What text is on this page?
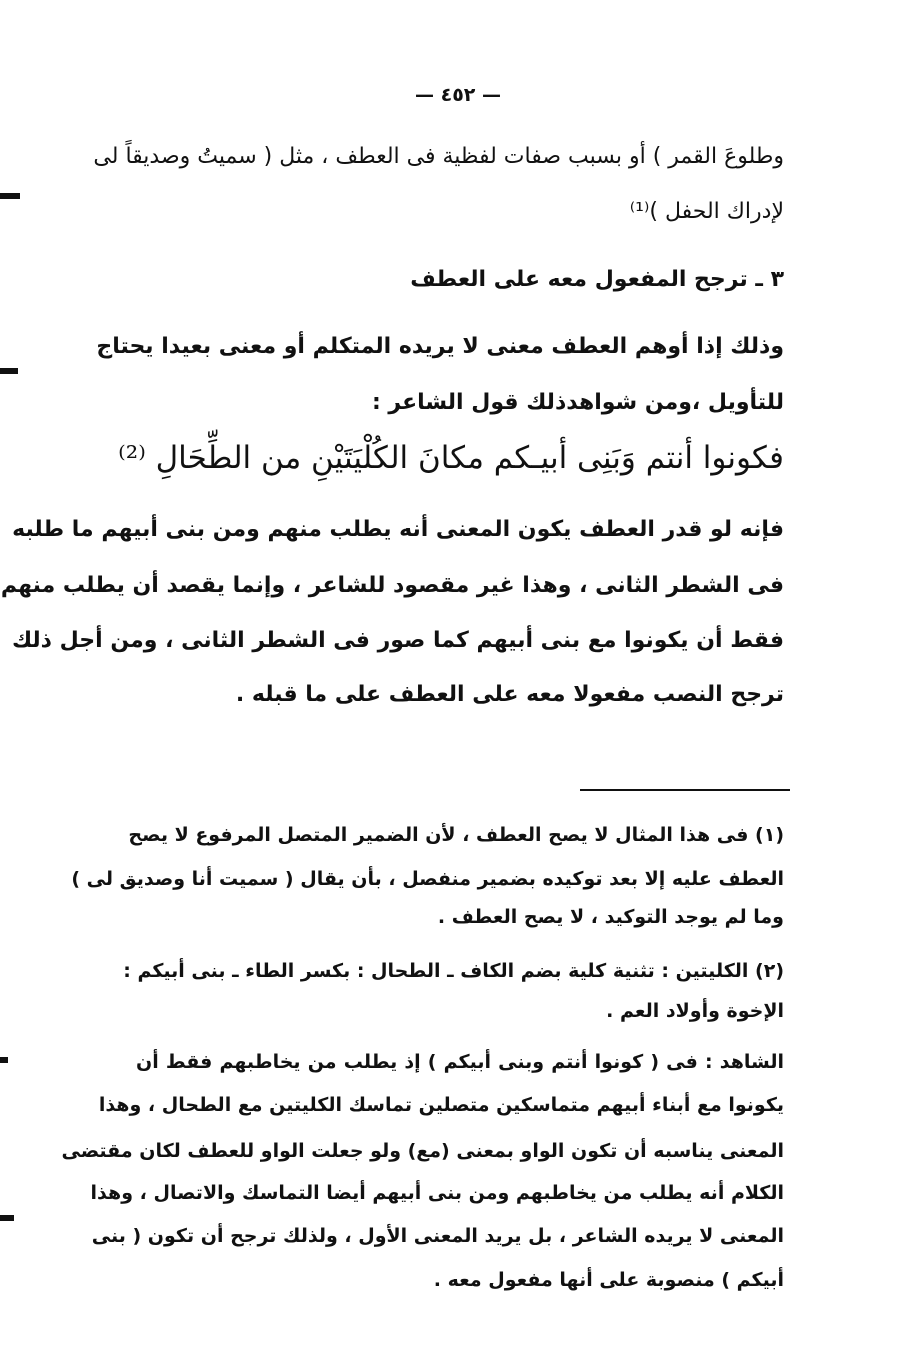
— ٤٥٢ —
وطلوعَ القمر ) أو بسبب صفات لفظية فى العطف ، مثل ( سميتُ وصديقاً لى
لإدراك الحفل )⁽¹⁾
٣ ـ ترجح المفعول معه على العطف
وذلك إذا أوهم العطف معنى لا يريده المتكلم أو معنى بعيدا يحتاج
للتأويل ،ومن شواهدذلك قول الشاعر :
فكونوا أنتم وَبَنِى أبيـكم مكانَ الكُلْيَتَيْنِ من الطِّحَالِ ⁽²⁾
فإنه لو قدر العطف يكون المعنى أنه يطلب منهم ومن بنى أبيهم ما طلبه
فى الشطر الثانى ، وهذا غير مقصود للشاعر ، وإنما يقصد أن يطلب منهم
فقط أن يكونوا مع بنى أبيهم كما صور فى الشطر الثانى ، ومن أجل ذلك
ترجح النصب مفعولا معه على العطف على ما قبله .
(١) فى هذا المثال لا يصح العطف ، لأن الضمير المتصل المرفوع لا يصح
العطف عليه إلا بعد توكيده بضمير منفصل ، بأن يقال ( سميت أنا وصديق لى )
وما لم يوجد التوكيد ، لا يصح العطف .
(٢) الكليتين : تثنية كلية بضم الكاف ـ الطحال : بكسر الطاء ـ بنى أبيكم :
الإخوة وأولاد العم .
الشاهد : فى ( كونوا أنتم وبنى أبيكم ) إذ يطلب من يخاطبهم فقط أن
يكونوا مع أبناء أبيهم متماسكين متصلين تماسك الكليتين مع الطحال ، وهذا
المعنى يناسبه أن تكون الواو بمعنى (مع) ولو جعلت الواو للعطف لكان مقتضى
الكلام أنه يطلب من يخاطبهم ومن بنى أبيهم أيضا التماسك والاتصال ، وهذا
المعنى لا يريده الشاعر ، بل يريد المعنى الأول ، ولذلك ترجح أن تكون ( بنى
أبيكم ) منصوبة على أنها مفعول معه .
